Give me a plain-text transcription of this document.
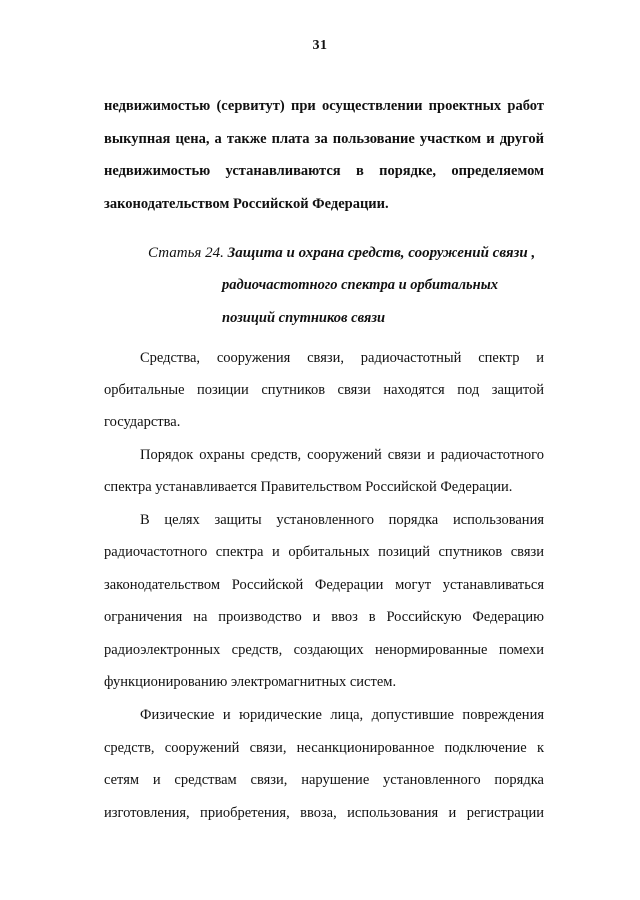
31
недвижимостью (сервитут) при осуществлении проектных работ
выкупная цена, а также плата за пользование участком и другой
недвижимостью устанавливаются в порядке, определяемом
законодательством Российской Федерации.
Статья 24. Защита и охрана средств, сооружений связи ,
радиочастотного спектра и орбитальных
позиций спутников связи
Средства, сооружения связи, радиочастотный спектр и
орбитальные позиции спутников связи находятся под защитой
государства.
Порядок охраны средств, сооружений связи и радиочастотного
спектра устанавливается Правительством Российской Федерации.
В целях защиты установленного порядка использования
радиочастотного спектра и орбитальных позиций спутников связи
законодательством Российской Федерации могут устанавливаться
ограничения на производство и ввоз в Российскую Федерацию
радиоэлектронных средств, создающих ненормированные помехи
функционированию электромагнитных систем.
Физические и юридические лица, допустившие повреждения
средств, сооружений связи, несанкционированное подключение к
сетям и средствам связи, нарушение установленного порядка
изготовления, приобретения, ввоза, использования и регистрации
